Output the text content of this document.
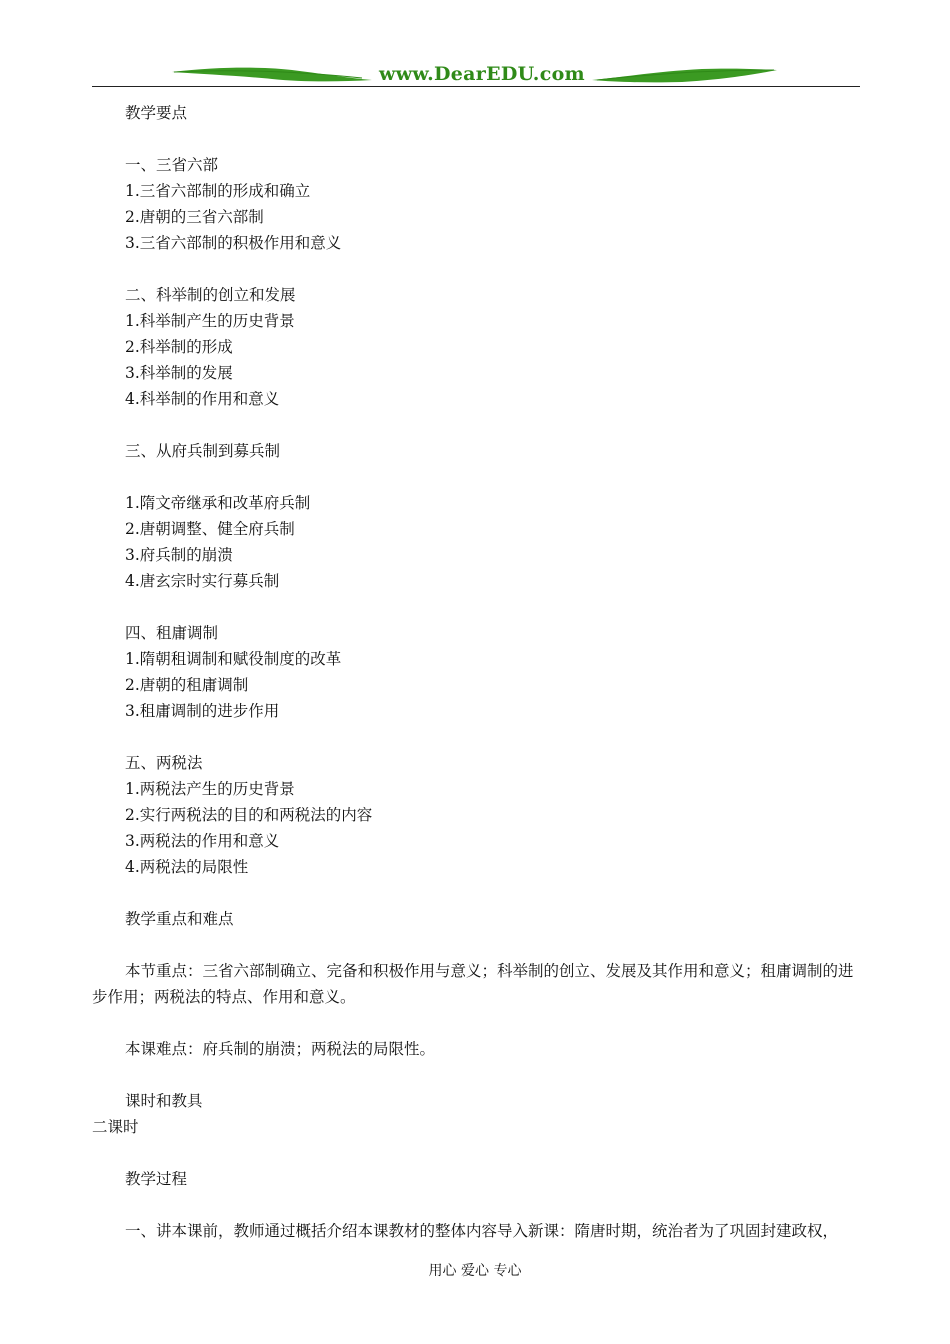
www.DearEDU.com
教学要点
一、三省六部
1.三省六部制的形成和确立
2.唐朝的三省六部制
3.三省六部制的积极作用和意义
二、科举制的创立和发展
1.科举制产生的历史背景
2.科举制的形成
3.科举制的发展
4.科举制的作用和意义
三、从府兵制到募兵制
1.隋文帝继承和改革府兵制
2.唐朝调整、健全府兵制
3.府兵制的崩溃
4.唐玄宗时实行募兵制
四、租庸调制
1.隋朝租调制和赋役制度的改革
2.唐朝的租庸调制
3.租庸调制的进步作用
五、两税法
1.两税法产生的历史背景
2.实行两税法的目的和两税法的内容
3.两税法的作用和意义
4.两税法的局限性
教学重点和难点
本节重点：三省六部制确立、完备和积极作用与意义；科举制的创立、发展及其作用和意义；租庸调制的进步作用；两税法的特点、作用和意义。
本课难点：府兵制的崩溃；两税法的局限性。
课时和教具
二课时
教学过程
一、讲本课前，教师通过概括介绍本课教材的整体内容导入新课：隋唐时期，统治者为了巩固封建政权，
用心 爱心 专心
